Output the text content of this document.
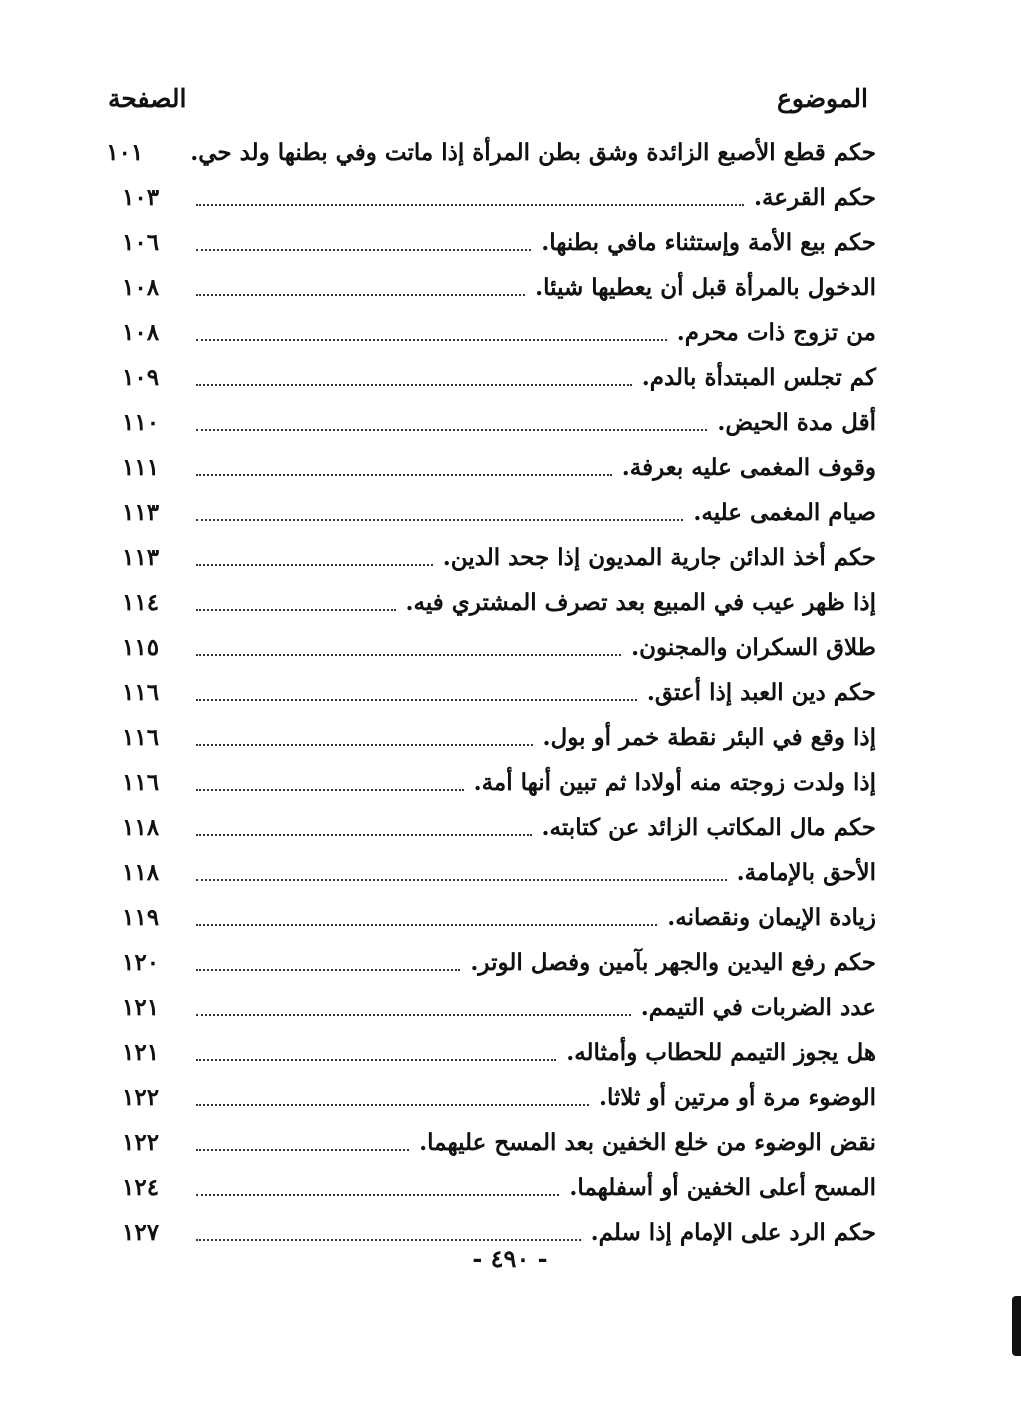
الموضوع
الصفحة
حكم قطع الأصبع الزائدة وشق بطن المرأة إذا ماتت وفي بطنها ولد حي.
١٠١
حكم القرعة.
١٠٣
حكم بيع الأمة وإستثناء مافي بطنها.
١٠٦
الدخول بالمرأة قبل أن يعطيها شيئا.
١٠٨
من تزوج ذات محرم.
١٠٨
كم تجلس المبتدأة بالدم.
١٠٩
أقل مدة الحيض.
١١٠
وقوف المغمى عليه بعرفة.
١١١
صيام المغمى عليه.
١١٣
حكم أخذ الدائن جارية المديون إذا جحد الدين.
١١٣
إذا ظهر عيب في المبيع بعد تصرف المشتري فيه.
١١٤
طلاق السكران والمجنون.
١١٥
حكم دين العبد إذا أعتق.
١١٦
إذا وقع في البئر نقطة خمر أو بول.
١١٦
إذا ولدت زوجته منه أولادا ثم تبين أنها أمة.
١١٦
حكم مال المكاتب الزائد عن كتابته.
١١٨
الأحق بالإمامة.
١١٨
زيادة الإيمان ونقصانه.
١١٩
حكم رفع اليدين والجهر بآمين وفصل الوتر.
١٢٠
عدد الضربات في التيمم.
١٢١
هل يجوز التيمم للحطاب وأمثاله.
١٢١
الوضوء مرة أو مرتين أو ثلاثا.
١٢٢
نقض الوضوء من خلع الخفين بعد المسح عليهما.
١٢٢
المسح أعلى الخفين أو أسفلهما.
١٢٤
حكم الرد على الإمام إذا سلم.
١٢٧
- ٤٩٠ -
